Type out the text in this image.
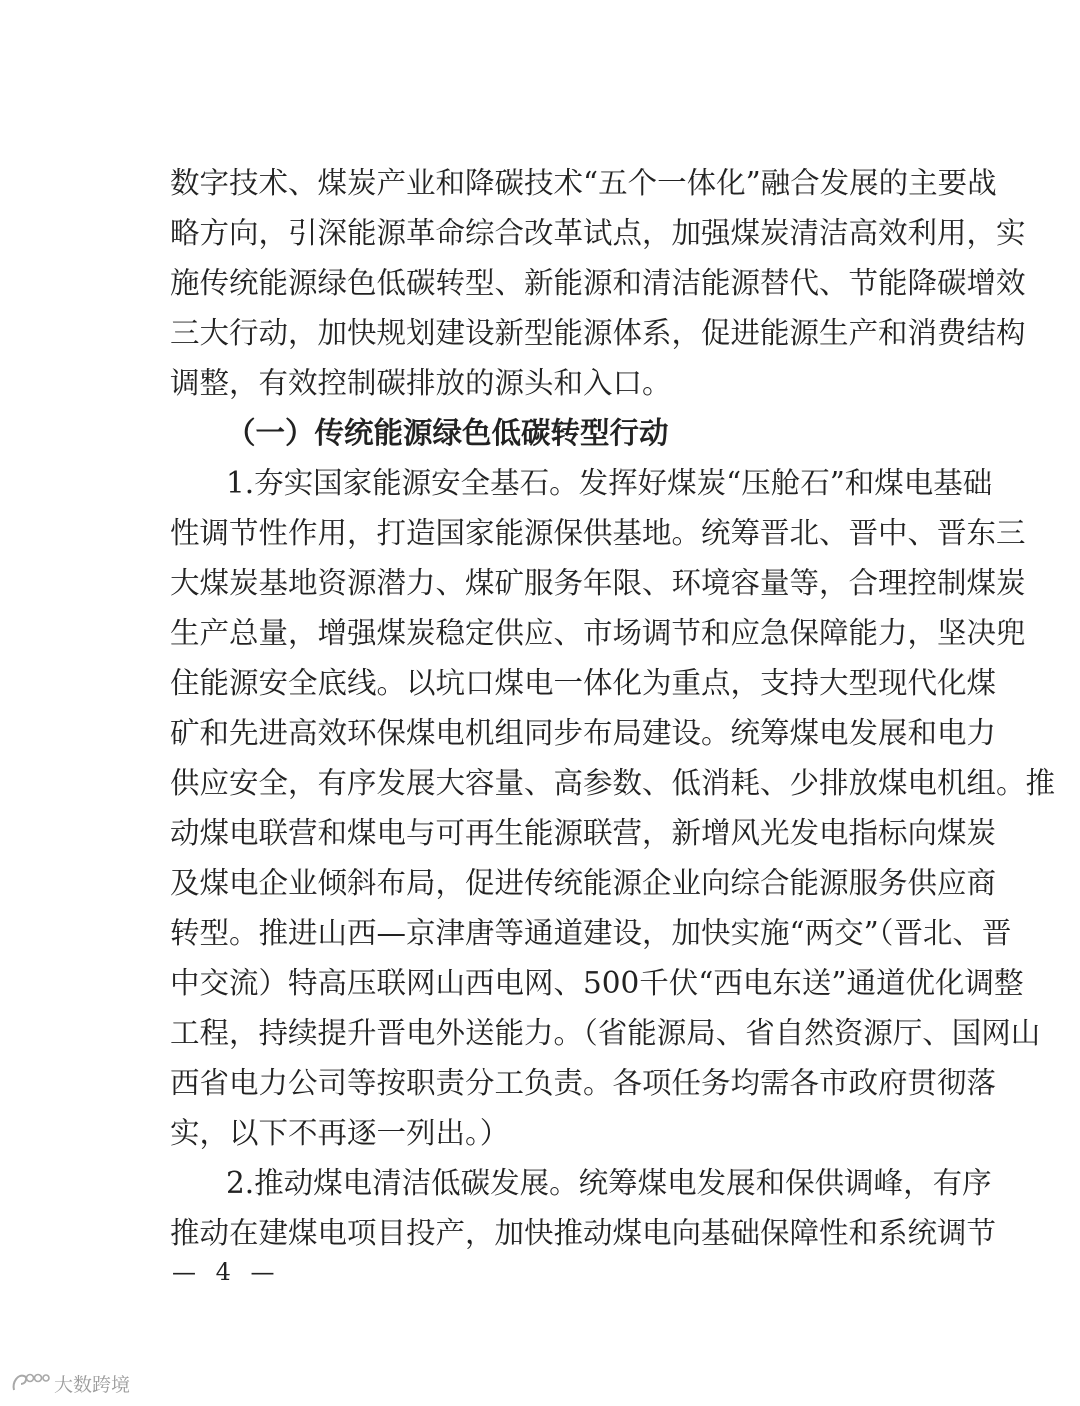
数字技术、煤炭产业和降碳技术“五个一体化”融合发展的主要战
略方向，引深能源革命综合改革试点，加强煤炭清洁高效利用，实
施传统能源绿色低碳转型、新能源和清洁能源替代、节能降碳增效
三大行动，加快规划建设新型能源体系，促进能源生产和消费结构
调整，有效控制碳排放的源头和入口。
（一）传统能源绿色低碳转型行动
1.夯实国家能源安全基石。发挥好煤炭“压舱石”和煤电基础
性调节性作用，打造国家能源保供基地。统筹晋北、晋中、晋东三
大煤炭基地资源潜力、煤矿服务年限、环境容量等，合理控制煤炭
生产总量，增强煤炭稳定供应、市场调节和应急保障能力，坚决兜
住能源安全底线。以坑口煤电一体化为重点，支持大型现代化煤
矿和先进高效环保煤电机组同步布局建设。统筹煤电发展和电力
供应安全，有序发展大容量、高参数、低消耗、少排放煤电机组。推
动煤电联营和煤电与可再生能源联营，新增风光发电指标向煤炭
及煤电企业倾斜布局，促进传统能源企业向综合能源服务供应商
转型。推进山西—京津唐等通道建设，加快实施“两交”（晋北、晋
中交流）特高压联网山西电网、500千伏“西电东送”通道优化调整
工程，持续提升晋电外送能力。（省能源局、省自然资源厅、国网山
西省电力公司等按职责分工负责。各项任务均需各市政府贯彻落
实，以下不再逐一列出。）
2.推动煤电清洁低碳发展。统筹煤电发展和保供调峰，有序
推动在建煤电项目投产，加快推动煤电向基础保障性和系统调节
— 4 —
大数跨境
